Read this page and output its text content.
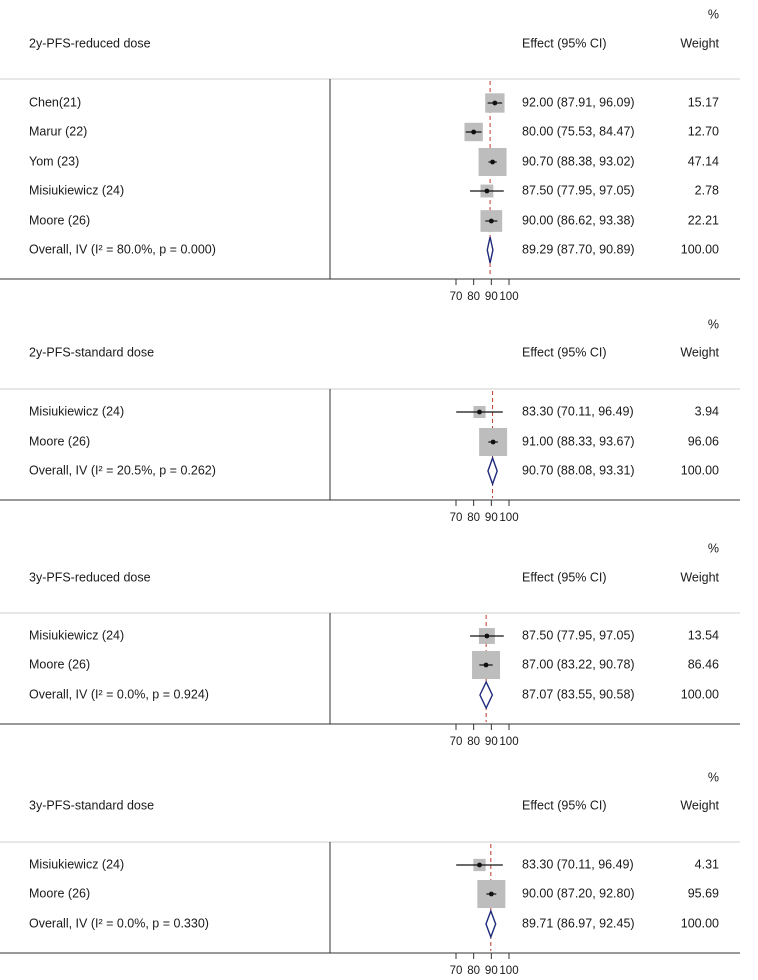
%
2y-PFS-reduced dose	Effect (95% CI)	Weight
Chen(21)	92.00 (87.91, 96.09)	15.17
Marur (22)	80.00 (75.53, 84.47)	12.70
Yom (23)	90.70 (88.38, 93.02)	47.14
Misiukiewicz (24)	87.50 (77.95, 97.05)	2.78
Moore (26)	90.00 (86.62, 93.38)	22.21
Overall, IV (I² = 80.0%, p = 0.000)	89.29 (87.70, 90.89)	100.00
70 80 90 100
%
2y-PFS-standard dose	Effect (95% CI)	Weight
Misiukiewicz (24)	83.30 (70.11, 96.49)	3.94
Moore (26)	91.00 (88.33, 93.67)	96.06
Overall, IV (I² = 20.5%, p = 0.262)	90.70 (88.08, 93.31)	100.00
70 80 90 100
%
3y-PFS-reduced dose	Effect (95% CI)	Weight
Misiukiewicz (24)	87.50 (77.95, 97.05)	13.54
Moore (26)	87.00 (83.22, 90.78)	86.46
Overall, IV (I² = 0.0%, p = 0.924)	87.07 (83.55, 90.58)	100.00
70 80 90 100
%
3y-PFS-standard dose	Effect (95% CI)	Weight
Misiukiewicz (24)	83.30 (70.11, 96.49)	4.31
Moore (26)	90.00 (87.20, 92.80)	95.69
Overall, IV (I² = 0.0%, p = 0.330)	89.71 (86.97, 92.45)	100.00
70 80 90 100
